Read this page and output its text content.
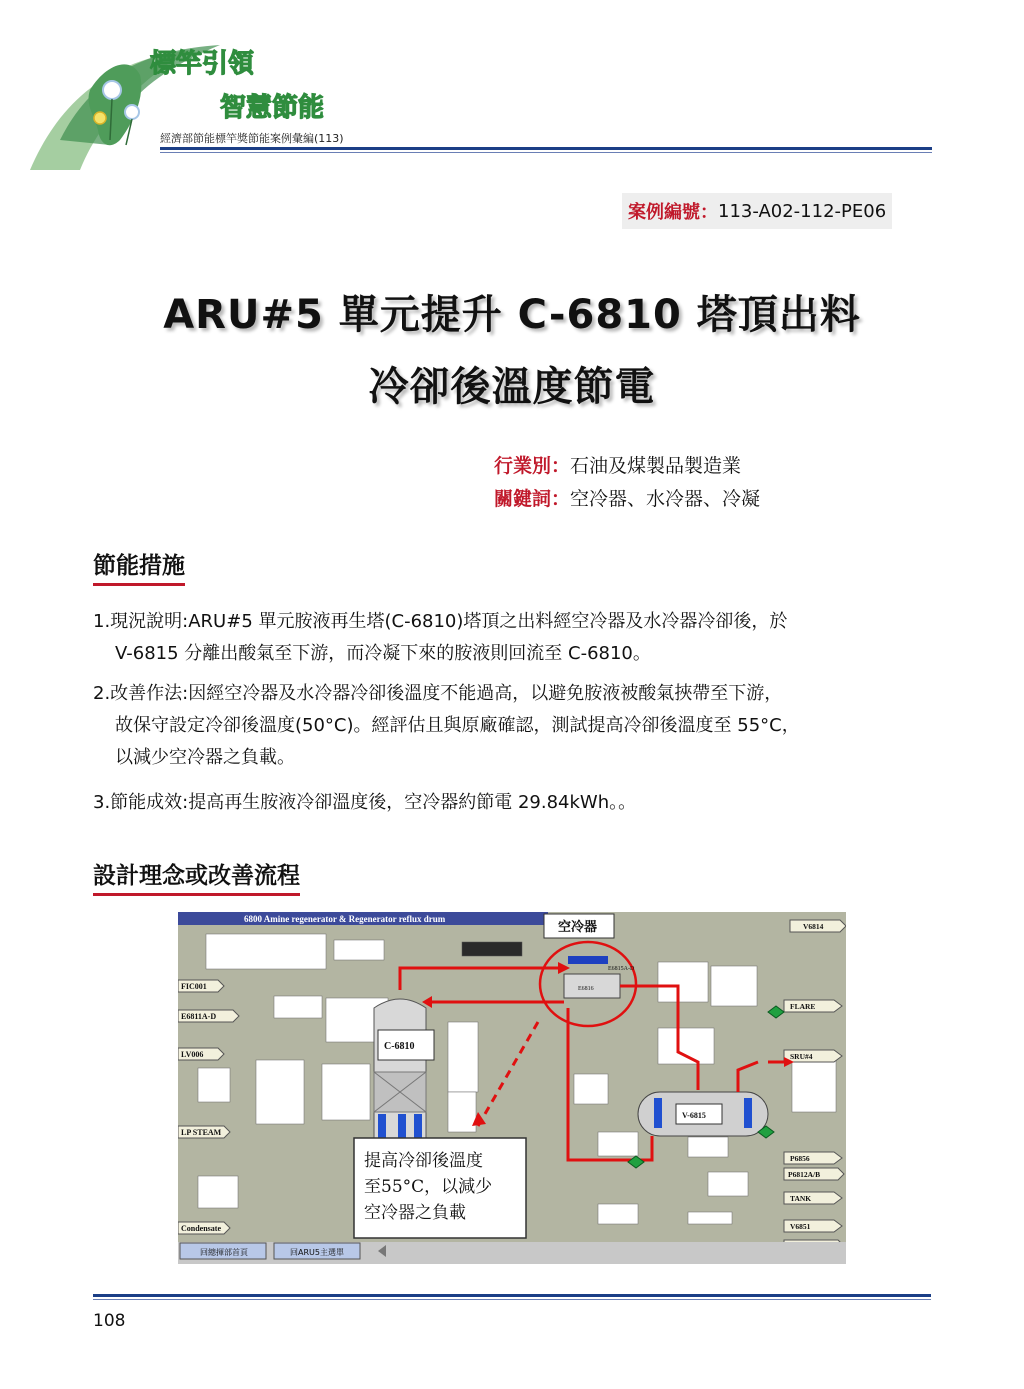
標竿引領
智慧節能
經濟部節能標竿獎節能案例彙編(113)
案例編號： 113-A02-112-PE06
ARU#5 單元提升 C-6810 塔頂出料
冷卻後溫度節電
行業別：石油及煤製品製造業
關鍵詞：空冷器、水冷器、冷凝
節能措施
1.現況說明:ARU#5 單元胺液再生塔(C-6810)塔頂之出料經空冷器及水冷器冷卻後，於
V-6815 分離出酸氣至下游，而冷凝下來的胺液則回流至 C-6810。
2.改善作法:因經空冷器及水冷器冷卻後溫度不能過高，以避免胺液被酸氣挾帶至下游，
故保守設定冷卻後溫度(50°C)。經評估且與原廠確認，測試提高冷卻後溫度至 55°C，
以減少空冷器之負載。
3.節能成效:提高再生胺液冷卻溫度後，空冷器約節電 29.84kWh。。
設計理念或改善流程
6800 Amine regenerator & Regenerator reflux drum
FIC001
E6811A-D
LV006
LP STEAM
Condensate
V6814
FLARE
SRU#4
P6856
P6812A/B
TANK
V6851
C-6810
空冷器
E6815A-D
E6816
V-6815
提高冷卻後溫度
至55°C，以減少
空冷器之負載
回總揮部首頁	回ARU5主選單
108
